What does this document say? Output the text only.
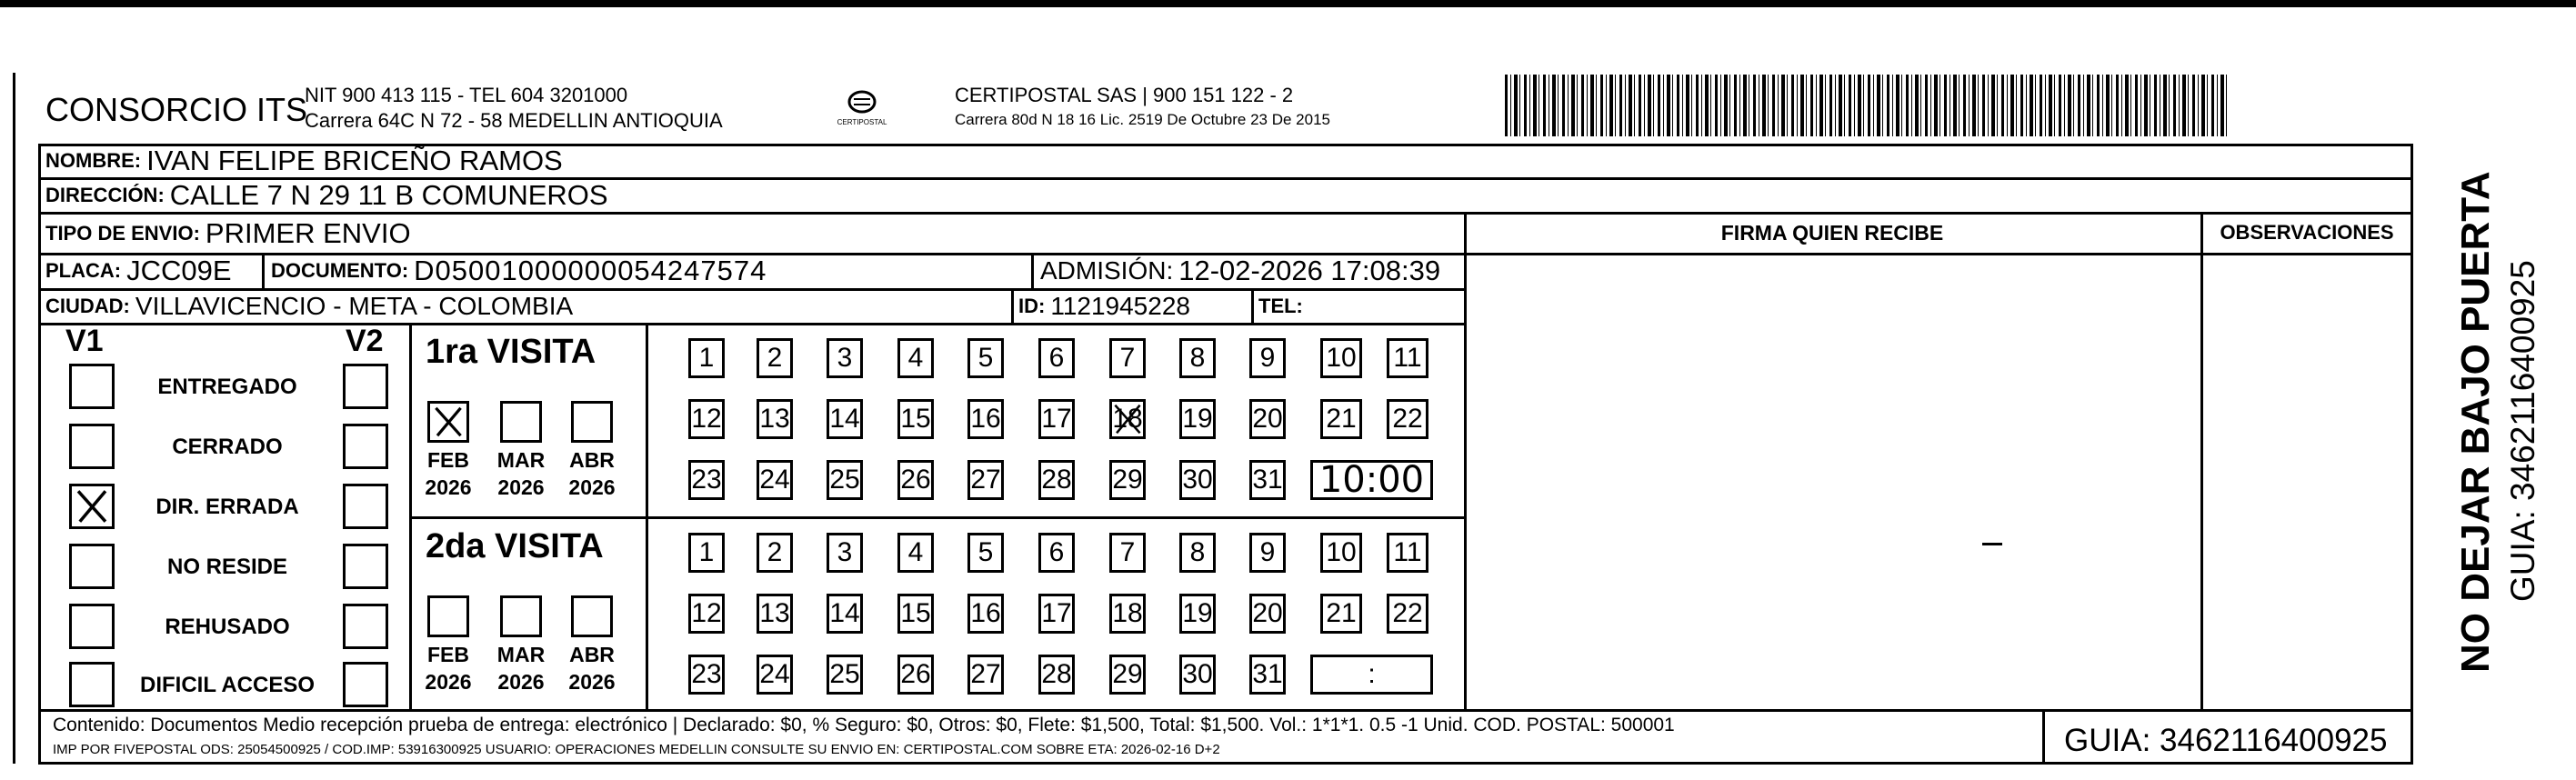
CONSORCIO ITS
NIT 900 413 115 - TEL 604 3201000
Carrera 64C N 72 - 58 MEDELLIN ANTIOQUIA	CERTIPOSTAL
CERTIPOSTAL SAS | 900 151 122 - 2
Carrera 80d N 18 16 Lic. 2519 De Octubre 23 De 2015
NOMBRE: IVAN FELIPE BRICEÑO RAMOS
DIRECCIÓN: CALLE 7 N 29 11 B COMUNEROS
TIPO DE ENVIO: PRIMER ENVIO	FIRMA QUIEN RECIBE	OBSERVACIONES
PLACA: JCC09E DOCUMENTO: D05001000000054247574	ADMISIÓN: 12-02-2026 17:08:39
CIUDAD: VILLAVICENCIO - META - COLOMBIA	ID: 1121945228	TEL:
V1	V2
ENTREGADO
CERRADO
DIR. ERRADA
NO RESIDE
REHUSADO
DIFICIL ACCESO
1ra VISITA
FEB
2026
MAR
2026
ABR
2026
1 2 3 4 5 6 7 8 9 10 11
12 13 14 15 16 17 18 19 20 21 22
23 24 25 26 27 28 29 30 31 10:00
2da VISITA
FEB
2026
MAR
2026
ABR
2026
1 2 3 4 5 6 7 8 9 10 11
12 13 14 15 16 17 18 19 20 21 22
23 24 25 26 27 28 29 30 31	:
NO DEJAR BAJO PUERTA GUIA: 3462116400925
Contenido: Documentos Medio recepción prueba de entrega: electrónico | Declarado: $0, % Seguro: $0, Otros: $0, Flete: $1,500, Total: $1,500. Vol.: 1*1*1. 0.5 -1 Unid. COD. POSTAL: 500001
IMP POR FIVEPOSTAL ODS: 25054500925 / COD.IMP: 53916300925 USUARIO: OPERACIONES MEDELLIN CONSULTE SU ENVIO EN: CERTIPOSTAL.COM SOBRE ETA: 2026-02-16 D+2	GUIA: 3462116400925
